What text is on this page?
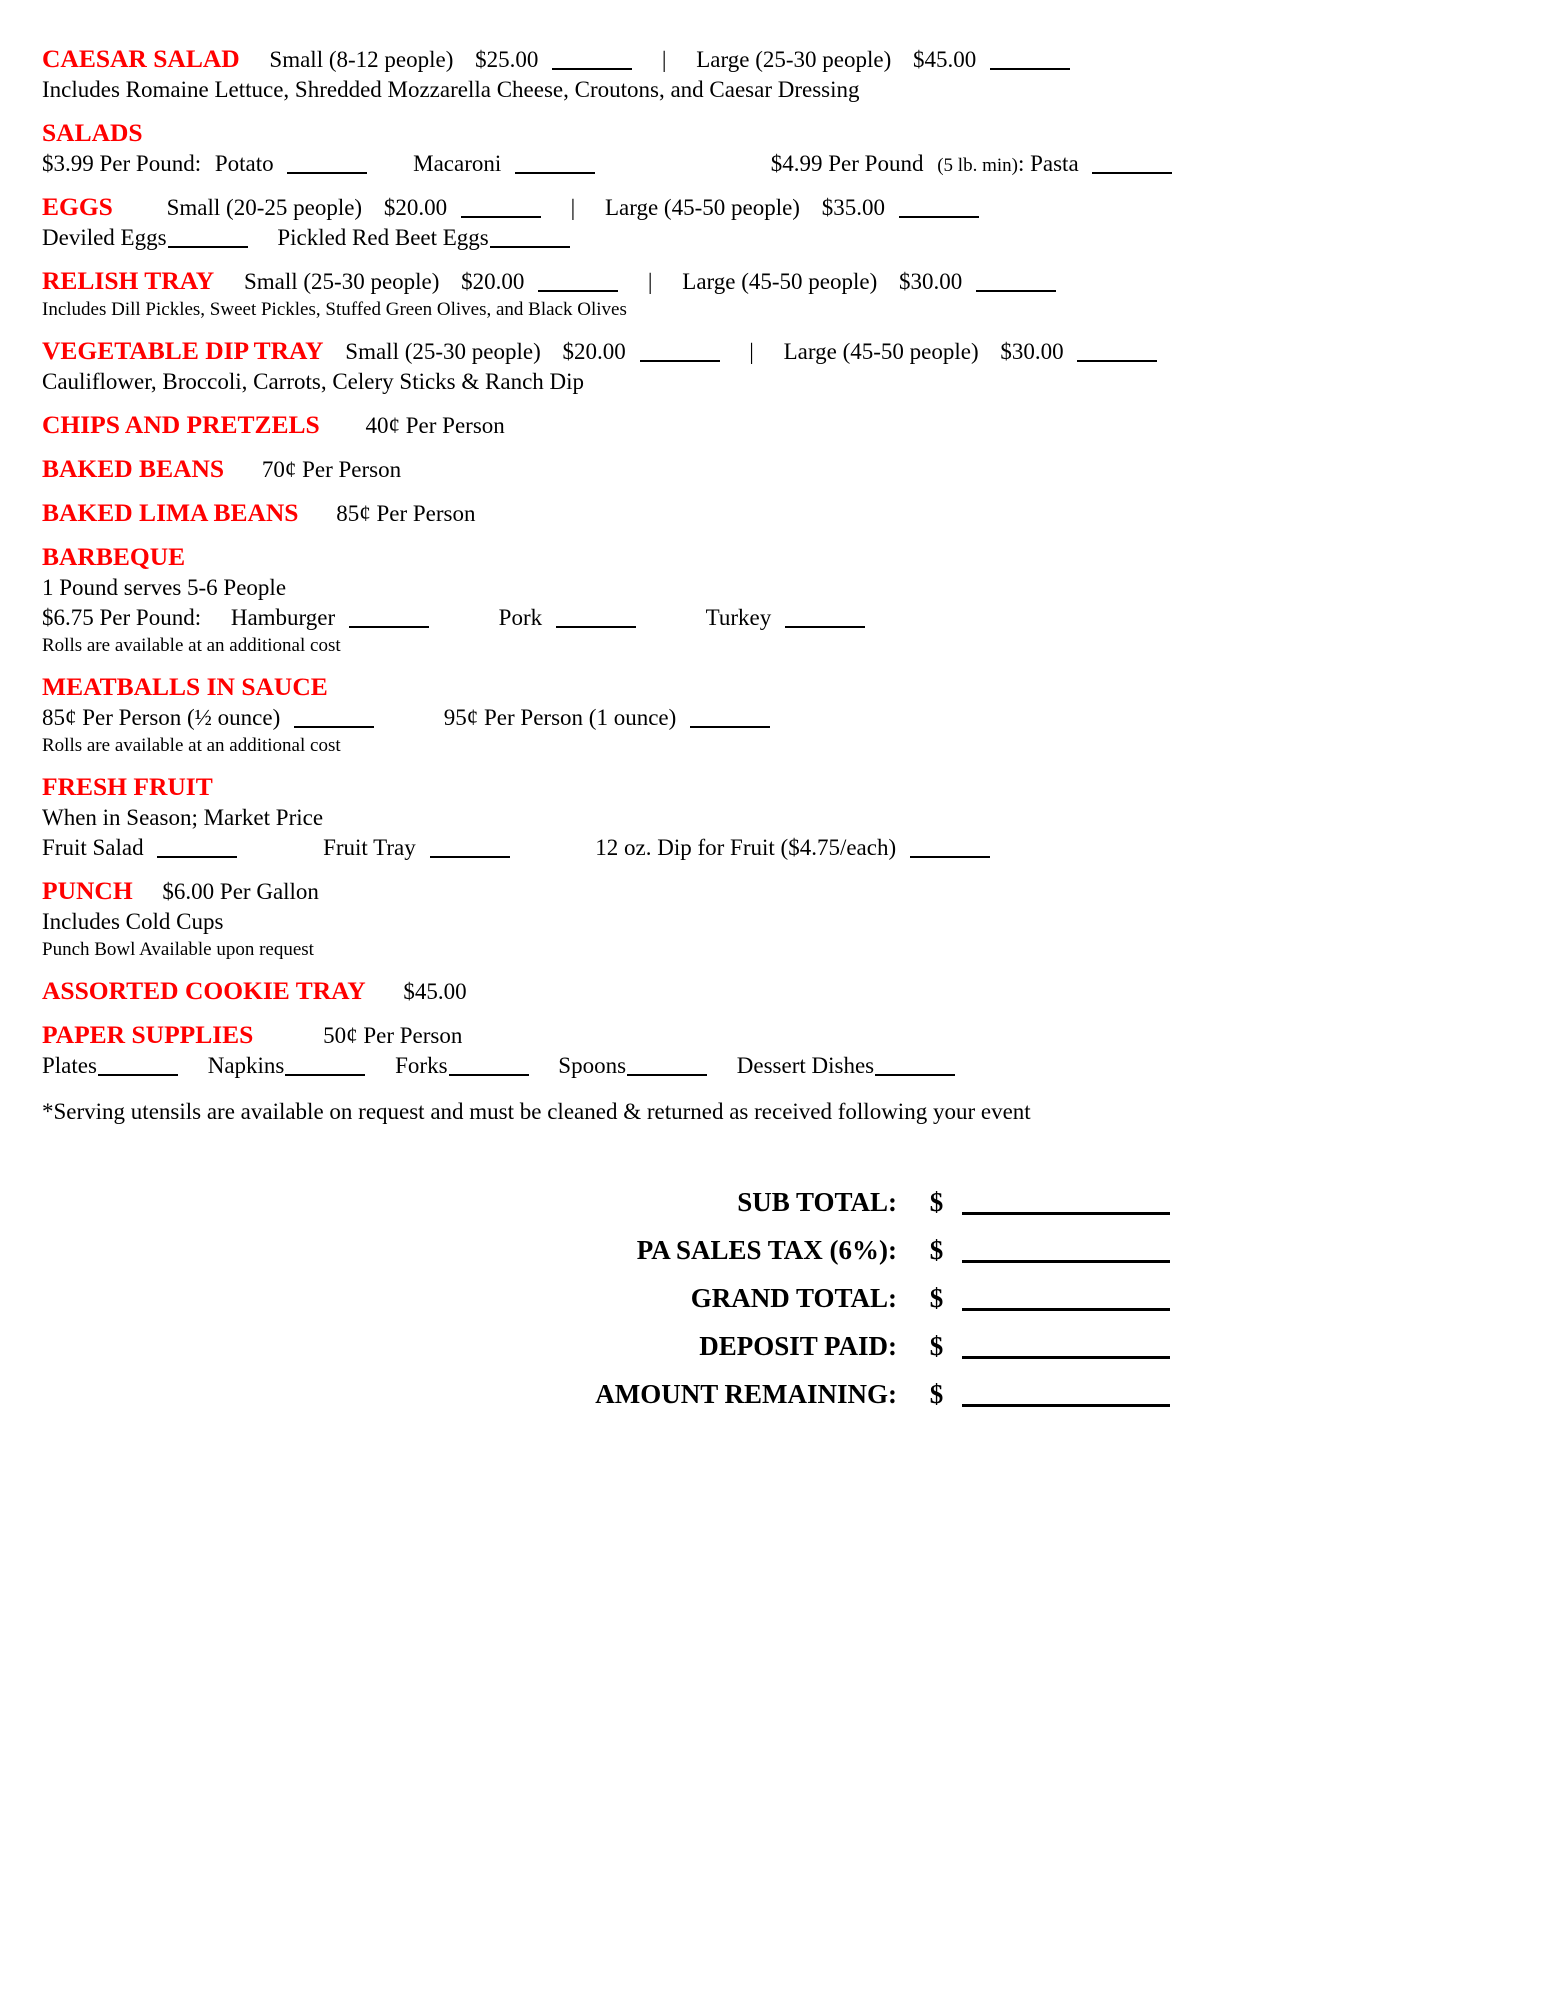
CAESAR SALAD Small (8-12 people) $25.00	| Large (25-30 people) $45.00
Includes Romaine Lettuce, Shredded Mozzarella Cheese, Croutons, and Caesar Dressing
SALADS
$3.99 Per Pound: Potato	Macaroni	$4.99 Per Pound (5 lb. min): Pasta
EGGS Small (20-25 people) $20.00	| Large (45-50 people) $35.00
Deviled Eggs	Pickled Red Beet Eggs
RELISH TRAY Small (25-30 people) $20.00	| Large (45-50 people) $30.00
Includes Dill Pickles, Sweet Pickles, Stuffed Green Olives, and Black Olives
VEGETABLE DIP TRAY Small (25-30 people) $20.00	| Large (45-50 people) $30.00
Cauliflower, Broccoli, Carrots, Celery Sticks & Ranch Dip
CHIPS AND PRETZELS 40¢ Per Person
BAKED BEANS 70¢ Per Person
BAKED LIMA BEANS 85¢ Per Person
BARBEQUE
1 Pound serves 5-6 People
$6.75 Per Pound: Hamburger	Pork	Turkey
Rolls are available at an additional cost
MEATBALLS IN SAUCE
85¢ Per Person (½ ounce)	95¢ Per Person (1 ounce)
Rolls are available at an additional cost
FRESH FRUIT
When in Season; Market Price
Fruit Salad	Fruit Tray	12 oz. Dip for Fruit ($4.75/each)
PUNCH $6.00 Per Gallon
Includes Cold Cups
Punch Bowl Available upon request
ASSORTED COOKIE TRAY $45.00
PAPER SUPPLIES	50¢ Per Person
Plates	Napkins	Forks	Spoons	Dessert Dishes
*Serving utensils are available on request and must be cleaned & returned as received following your event
SUB TOTAL: $
PA SALES TAX (6%): $
GRAND TOTAL: $
DEPOSIT PAID: $
AMOUNT REMAINING: $
